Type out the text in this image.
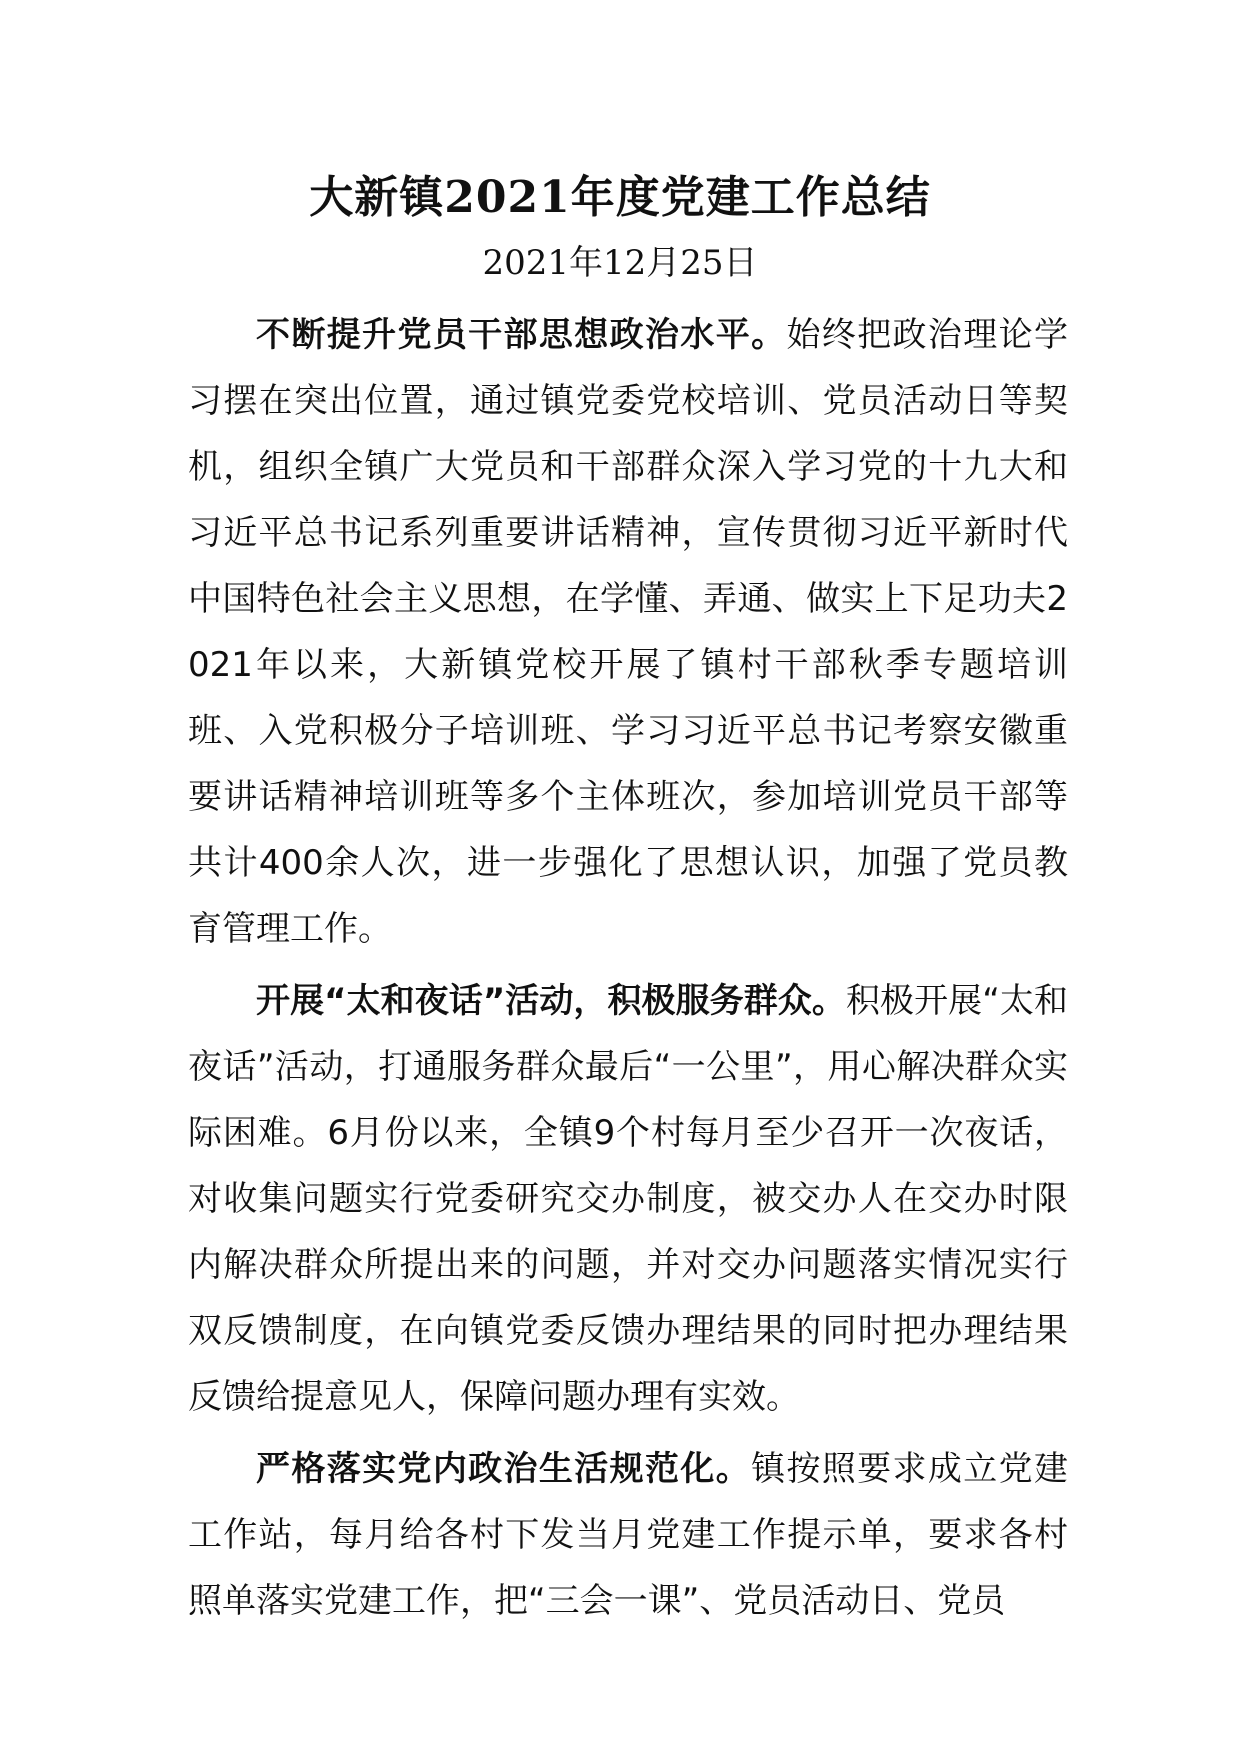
大新镇2021年度党建工作总结
2021年12月25日

不断提升党员干部思想政治水平。始终把政治理论学习摆在突出位置，通过镇党委党校培训、党员活动日等契机，组织全镇广大党员和干部群众深入学习党的十九大和习近平总书记系列重要讲话精神，宣传贯彻习近平新时代中国特色社会主义思想，在学懂、弄通、做实上下足功夫2021年以来，大新镇党校开展了镇村干部秋季专题培训班、入党积极分子培训班、学习习近平总书记考察安徽重要讲话精神培训班等多个主体班次，参加培训党员干部等共计400余人次，进一步强化了思想认识，加强了党员教育管理工作。

开展“太和夜话”活动，积极服务群众。积极开展“太和夜话”活动，打通服务群众最后“一公里”，用心解决群众实际困难。6月份以来，全镇9个村每月至少召开一次夜话，对收集问题实行党委研究交办制度，被交办人在交办时限内解决群众所提出来的问题，并对交办问题落实情况实行双反馈制度，在向镇党委反馈办理结果的同时把办理结果反馈给提意见人，保障问题办理有实效。

严格落实党内政治生活规范化。镇按照要求成立党建工作站，每月给各村下发当月党建工作提示单，要求各村照单落实党建工作，把“三会一课”、党员活动日、党员
